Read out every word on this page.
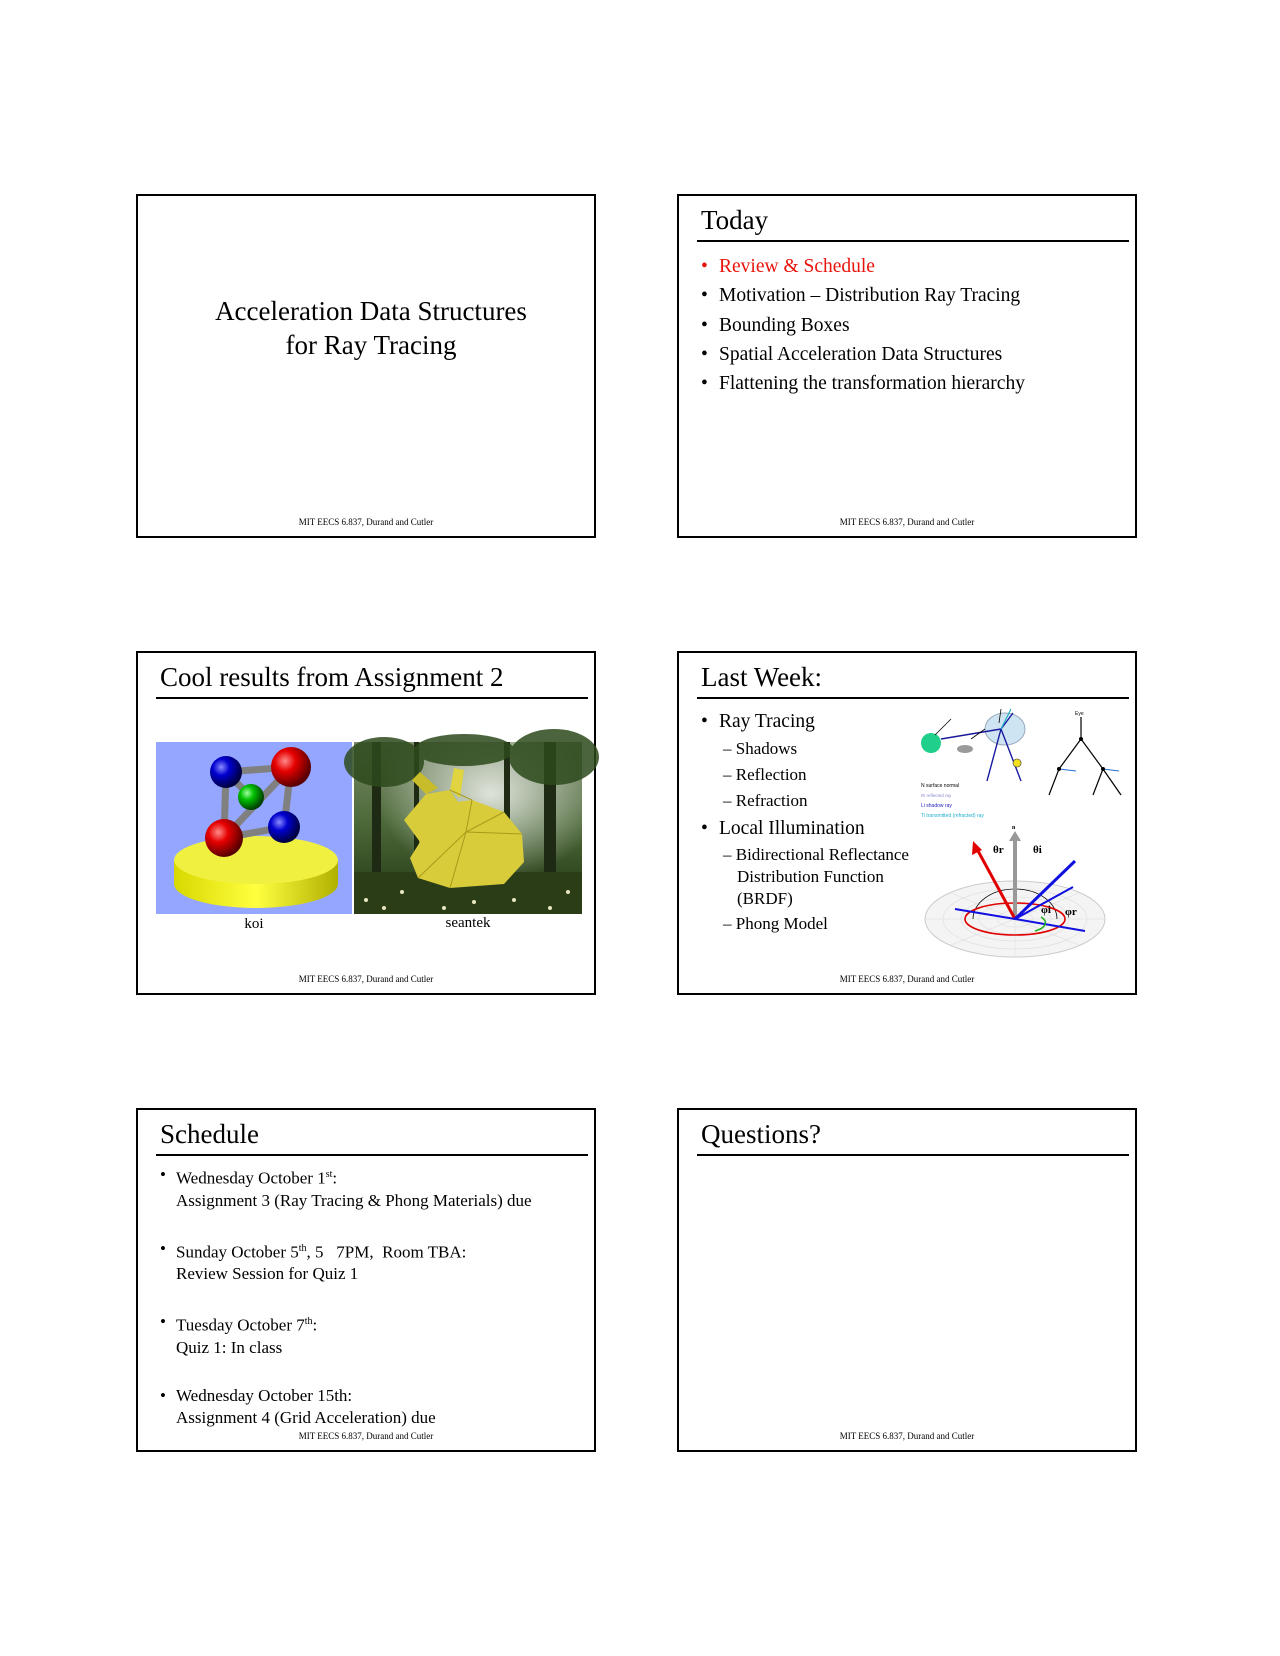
Acceleration Data Structures
for Ray Tracing
MIT EECS 6.837, Durand and Cutler
Today
• Review & Schedule
• Motivation – Distribution Ray Tracing
• Bounding Boxes
• Spatial Acceleration Data Structures
• Flattening the transformation hierarchy
MIT EECS 6.837, Durand and Cutler
Cool results from Assignment 2
koi	seantek
MIT EECS 6.837, Durand and Cutler
Last Week:
• Ray Tracing
– Shadows
– Reflection
– Refraction
• Local Illumination
– Bidirectional Reflectance
Distribution Function
(BRDF)
– Phong Model
N surface normal
Li shadow ray
Ri reflected ray
Ti transmitted (refracted) ray
Eye
n
θr	θi
φi φr
MIT EECS 6.837, Durand and Cutler
Schedule
• Wednesday October 1st:
Assignment 3 (Ray Tracing & Phong Materials) due
• Sunday October 5th, 5   7PM,  Room TBA:
Review Session for Quiz 1
• Tuesday October 7th:
Quiz 1: In class
• Wednesday October 15th:
Assignment 4 (Grid Acceleration) due
MIT EECS 6.837, Durand and Cutler
Questions?
MIT EECS 6.837, Durand and Cutler
